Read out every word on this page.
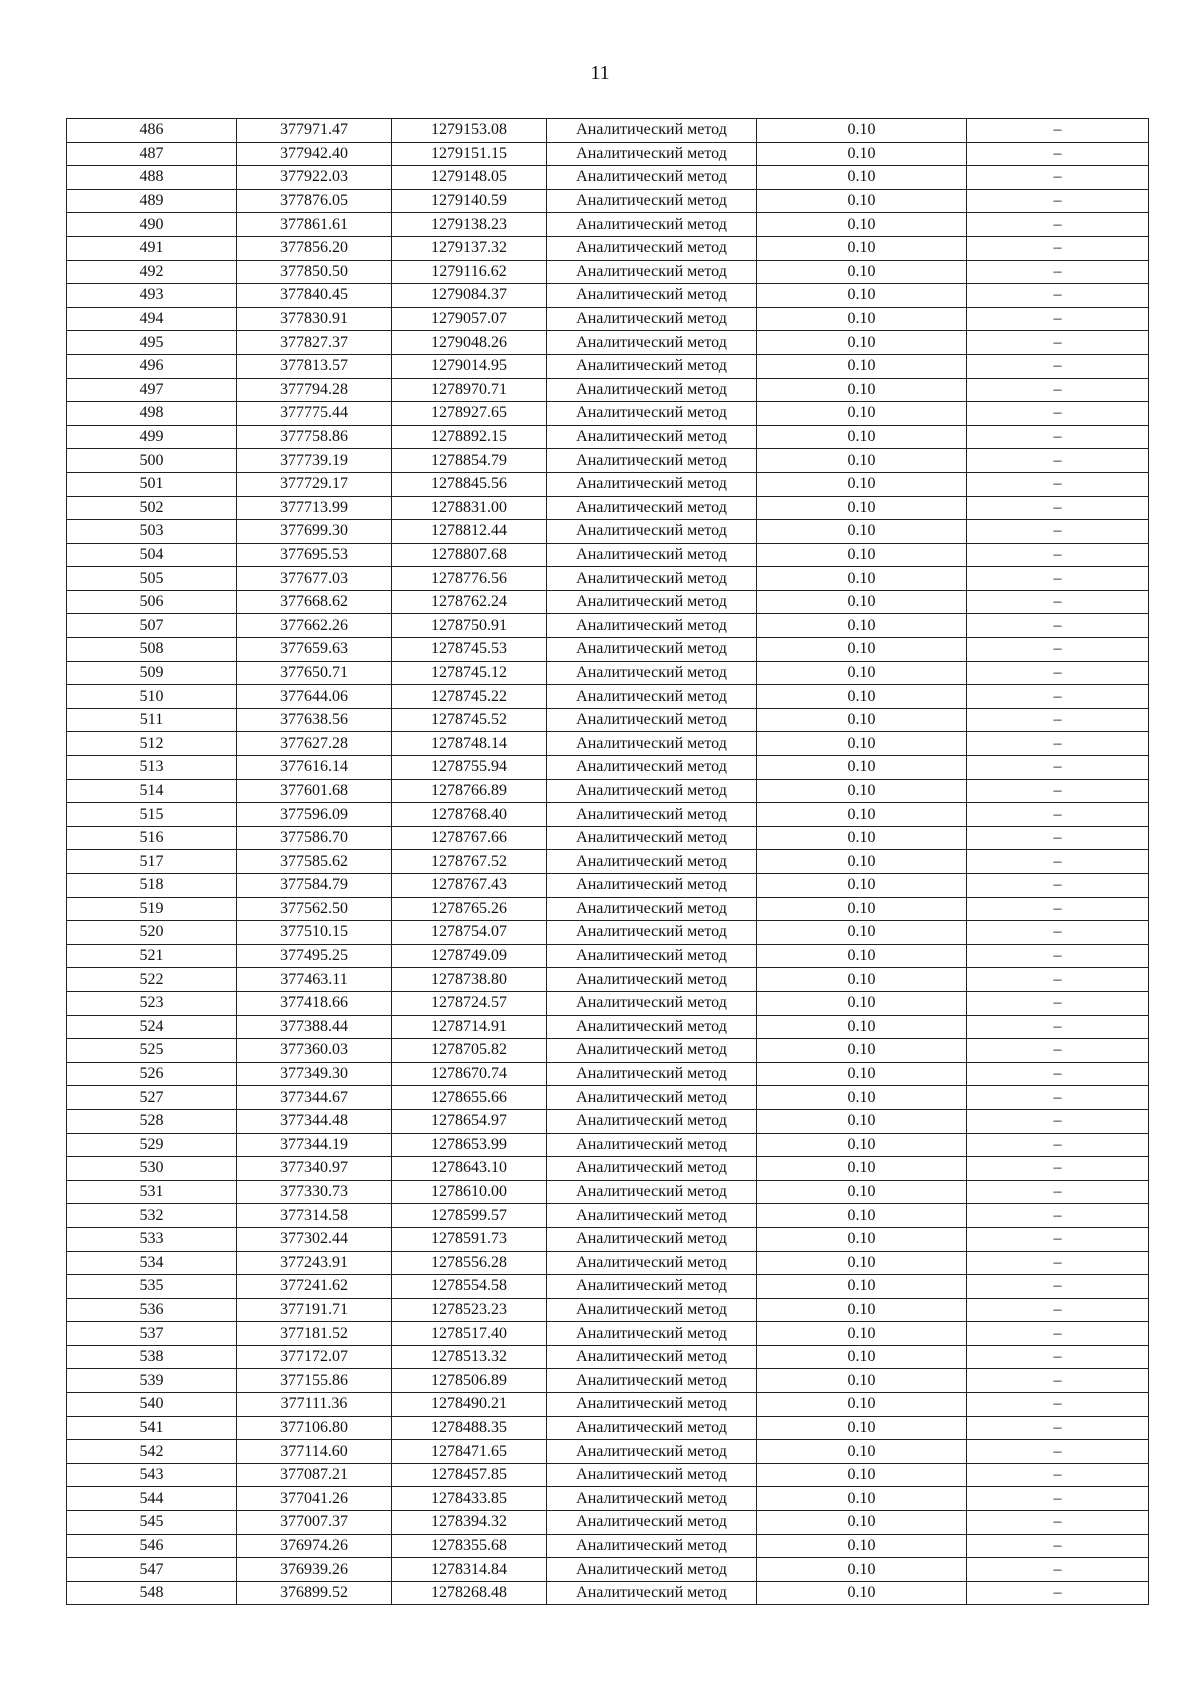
11
486	377971.47	1279153.08	Аналитический метод	0.10	–
487	377942.40	1279151.15	Аналитический метод	0.10	–
488	377922.03	1279148.05	Аналитический метод	0.10	–
489	377876.05	1279140.59	Аналитический метод	0.10	–
490	377861.61	1279138.23	Аналитический метод	0.10	–
491	377856.20	1279137.32	Аналитический метод	0.10	–
492	377850.50	1279116.62	Аналитический метод	0.10	–
493	377840.45	1279084.37	Аналитический метод	0.10	–
494	377830.91	1279057.07	Аналитический метод	0.10	–
495	377827.37	1279048.26	Аналитический метод	0.10	–
496	377813.57	1279014.95	Аналитический метод	0.10	–
497	377794.28	1278970.71	Аналитический метод	0.10	–
498	377775.44	1278927.65	Аналитический метод	0.10	–
499	377758.86	1278892.15	Аналитический метод	0.10	–
500	377739.19	1278854.79	Аналитический метод	0.10	–
501	377729.17	1278845.56	Аналитический метод	0.10	–
502	377713.99	1278831.00	Аналитический метод	0.10	–
503	377699.30	1278812.44	Аналитический метод	0.10	–
504	377695.53	1278807.68	Аналитический метод	0.10	–
505	377677.03	1278776.56	Аналитический метод	0.10	–
506	377668.62	1278762.24	Аналитический метод	0.10	–
507	377662.26	1278750.91	Аналитический метод	0.10	–
508	377659.63	1278745.53	Аналитический метод	0.10	–
509	377650.71	1278745.12	Аналитический метод	0.10	–
510	377644.06	1278745.22	Аналитический метод	0.10	–
511	377638.56	1278745.52	Аналитический метод	0.10	–
512	377627.28	1278748.14	Аналитический метод	0.10	–
513	377616.14	1278755.94	Аналитический метод	0.10	–
514	377601.68	1278766.89	Аналитический метод	0.10	–
515	377596.09	1278768.40	Аналитический метод	0.10	–
516	377586.70	1278767.66	Аналитический метод	0.10	–
517	377585.62	1278767.52	Аналитический метод	0.10	–
518	377584.79	1278767.43	Аналитический метод	0.10	–
519	377562.50	1278765.26	Аналитический метод	0.10	–
520	377510.15	1278754.07	Аналитический метод	0.10	–
521	377495.25	1278749.09	Аналитический метод	0.10	–
522	377463.11	1278738.80	Аналитический метод	0.10	–
523	377418.66	1278724.57	Аналитический метод	0.10	–
524	377388.44	1278714.91	Аналитический метод	0.10	–
525	377360.03	1278705.82	Аналитический метод	0.10	–
526	377349.30	1278670.74	Аналитический метод	0.10	–
527	377344.67	1278655.66	Аналитический метод	0.10	–
528	377344.48	1278654.97	Аналитический метод	0.10	–
529	377344.19	1278653.99	Аналитический метод	0.10	–
530	377340.97	1278643.10	Аналитический метод	0.10	–
531	377330.73	1278610.00	Аналитический метод	0.10	–
532	377314.58	1278599.57	Аналитический метод	0.10	–
533	377302.44	1278591.73	Аналитический метод	0.10	–
534	377243.91	1278556.28	Аналитический метод	0.10	–
535	377241.62	1278554.58	Аналитический метод	0.10	–
536	377191.71	1278523.23	Аналитический метод	0.10	–
537	377181.52	1278517.40	Аналитический метод	0.10	–
538	377172.07	1278513.32	Аналитический метод	0.10	–
539	377155.86	1278506.89	Аналитический метод	0.10	–
540	377111.36	1278490.21	Аналитический метод	0.10	–
541	377106.80	1278488.35	Аналитический метод	0.10	–
542	377114.60	1278471.65	Аналитический метод	0.10	–
543	377087.21	1278457.85	Аналитический метод	0.10	–
544	377041.26	1278433.85	Аналитический метод	0.10	–
545	377007.37	1278394.32	Аналитический метод	0.10	–
546	376974.26	1278355.68	Аналитический метод	0.10	–
547	376939.26	1278314.84	Аналитический метод	0.10	–
548	376899.52	1278268.48	Аналитический метод	0.10	–
